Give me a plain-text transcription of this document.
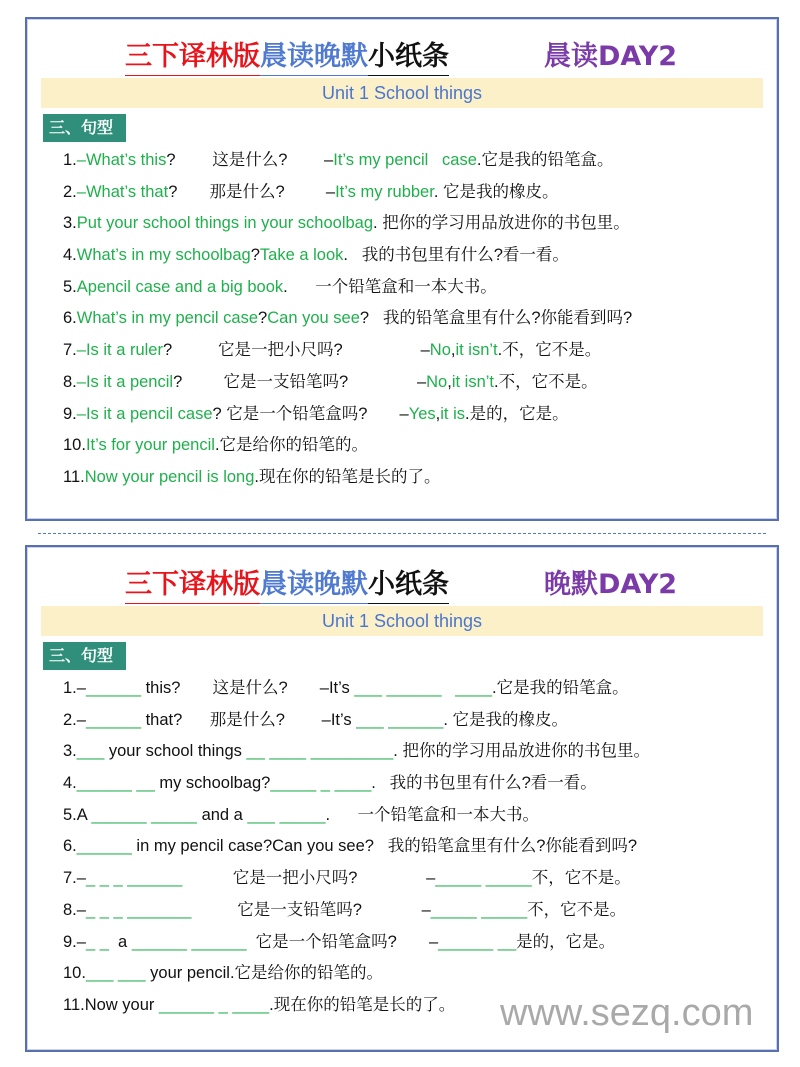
三下译林版晨读晚默小纸条	晨读DAY2
Unit 1 School things
三、句型
1.–What’s this?        这是什么?        –It’s my pencil   case.它是我的铅笔盒。
2.–What’s that?       那是什么?         –It’s my rubber. 它是我的橡皮。
3.Put your school things in your schoolbag. 把你的学习用品放进你的书包里。
4.What’s in my schoolbag?Take a look.   我的书包里有什么?看一看。
5.Apencil case and a big book.      一个铅笔盒和一本大书。
6.What’s in my pencil case?Can you see?   我的铅笔盒里有什么?你能看到吗?
7.–Is it a ruler?          它是一把小尺吗?                 –No,it isn’t.不，它不是。
8.–Is it a pencil?         它是一支铅笔吗?               –No,it isn’t.不，它不是。
9.–Is it a pencil case? 它是一个铅笔盒吗?       –Yes,it is.是的，它是。
10.It’s for your pencil.它是给你的铅笔的。
11.Now your pencil is long.现在你的铅笔是长的了。
三下译林版晨读晚默小纸条	晚默DAY2
Unit 1 School things
三、句型
1.–______ this?       这是什么?       –It’s ___ ______   ____.它是我的铅笔盒。
2.–______ that?      那是什么?        –It’s ___ ______. 它是我的橡皮。
3.___ your school things __ ____ _________. 把你的学习用品放进你的书包里。
4.______ __ my schoolbag?_____ _ ____.   我的书包里有什么?看一看。
5.A ______ _____ and a ___ _____.      一个铅笔盒和一本大书。
6.______ in my pencil case?Can you see?   我的铅笔盒里有什么?你能看到吗?
7.–_ _ _ ______           它是一把小尺吗?               –_____ _____不，它不是。
8.–_ _ _ _______          它是一支铅笔吗?             –_____ _____不，它不是。
9.–_ _  a ______ ______  它是一个铅笔盒吗?       –______ __是的，它是。
10.___ ___ your pencil.它是给你的铅笔的。
11.Now your ______ _ ____.现在你的铅笔是长的了。	www.sezq.com
